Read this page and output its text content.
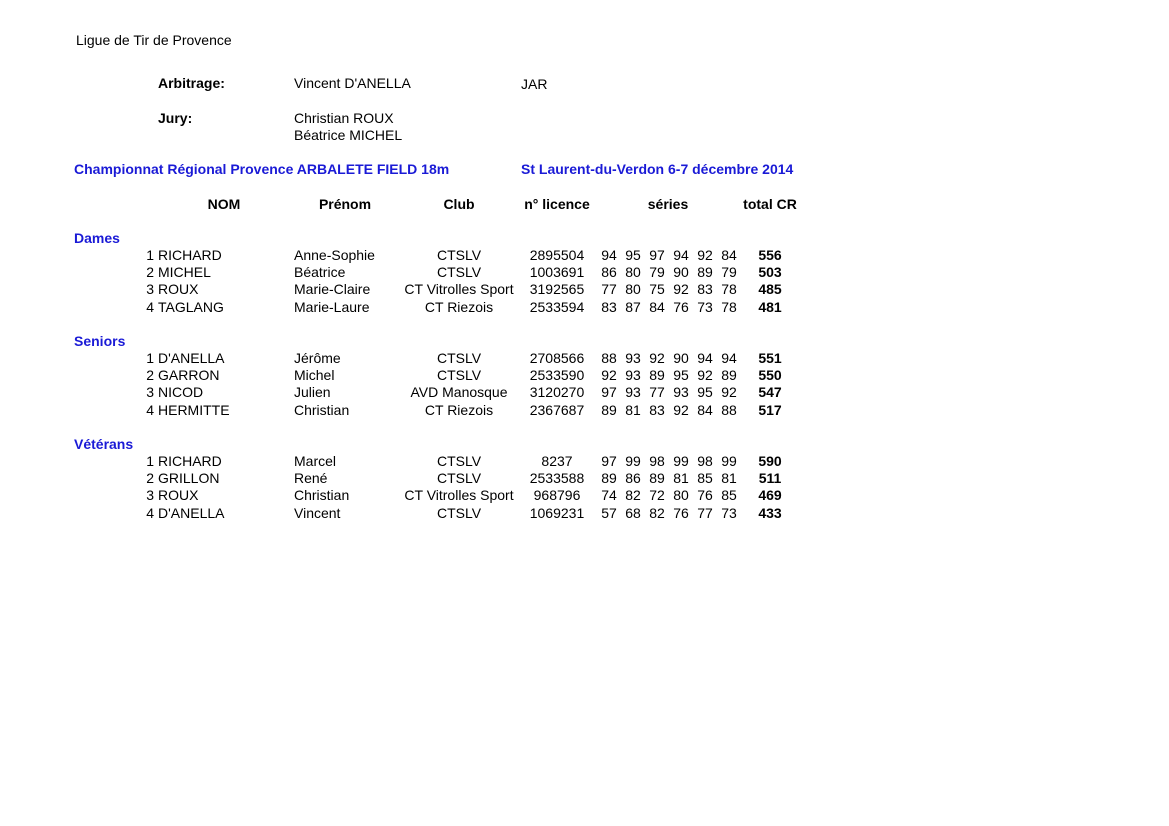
Ligue de Tir de Provence
Arbitrage:	Vincent D'ANELLA	JAR
Jury:	Christian ROUX
Béatrice MICHEL
Championnat Régional Provence ARBALETE FIELD 18m	St Laurent-du-Verdon 6-7 décembre 2014
NOM	Prénom	Club	n° licence	séries	total CR
Dames
1 RICHARD	Anne-Sophie	CTSLV	2895504	94 95 97 94 92 84	556
2 MICHEL	Béatrice	CTSLV	1003691	86 80 79 90 89 79	503
3 ROUX	Marie-Claire	CT Vitrolles Sport	3192565	77 80 75 92 83 78	485
4 TAGLANG	Marie-Laure	CT Riezois	2533594	83 87 84 76 73 78	481
Seniors
1 D'ANELLA	Jérôme	CTSLV	2708566	88 93 92 90 94 94	551
2 GARRON	Michel	CTSLV	2533590	92 93 89 95 92 89	550
3 NICOD	Julien	AVD Manosque	3120270	97 93 77 93 95 92	547
4 HERMITTE	Christian	CT Riezois	2367687	89 81 83 92 84 88	517
Vétérans
1 RICHARD	Marcel	CTSLV	8237	97 99 98 99 98 99	590
2 GRILLON	René	CTSLV	2533588	89 86 89 81 85 81	511
3 ROUX	Christian	CT Vitrolles Sport	968796	74 82 72 80 76 85	469
4 D'ANELLA	Vincent	CTSLV	1069231	57 68 82 76 77 73	433
